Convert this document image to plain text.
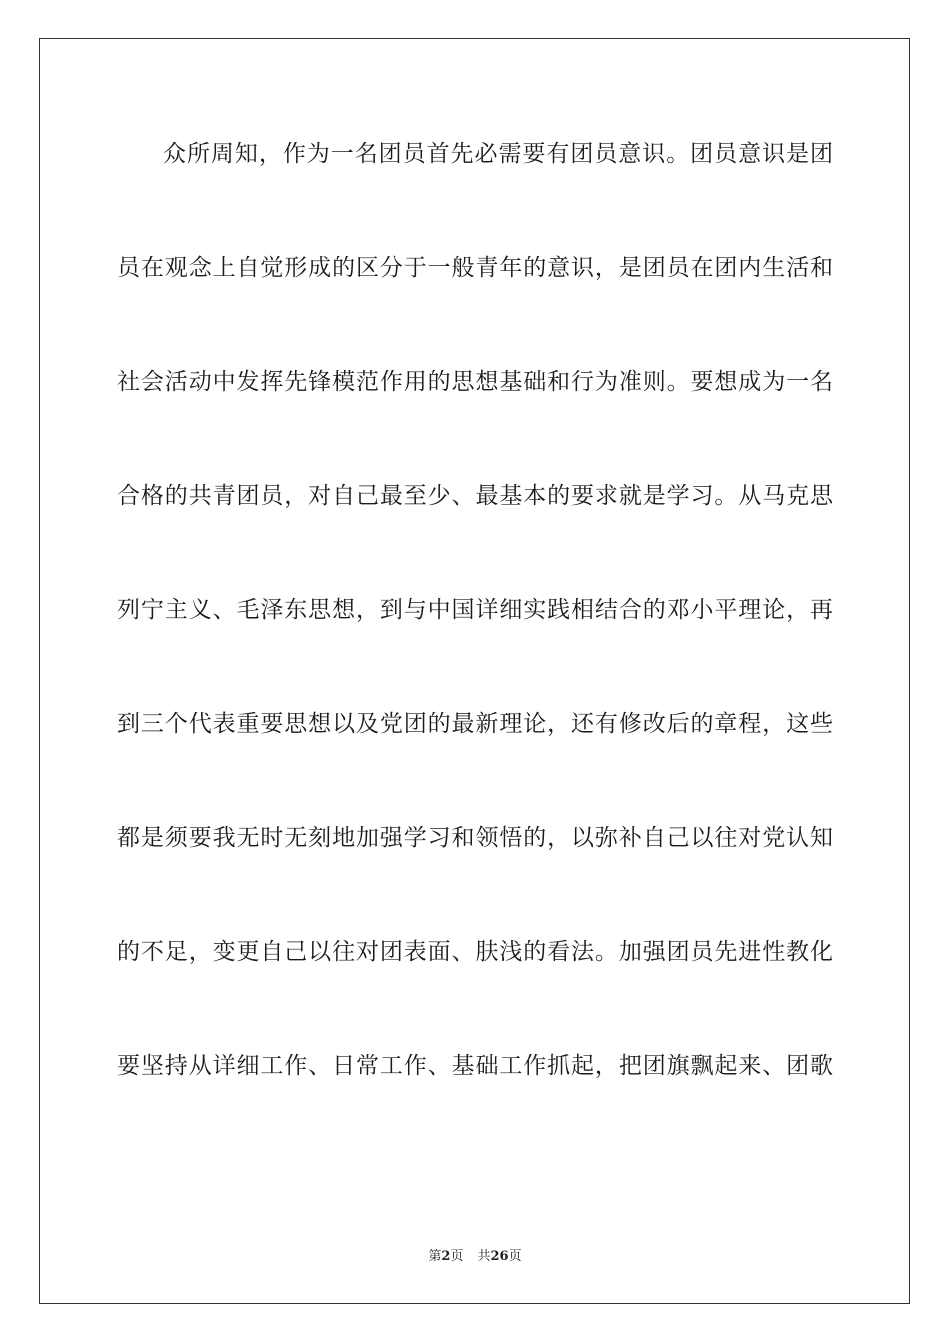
众所周知，作为一名团员首先必需要有团员意识。团员意识是团
员在观念上自觉形成的区分于一般青年的意识，是团员在团内生活和
社会活动中发挥先锋模范作用的思想基础和行为准则。要想成为一名
合格的共青团员，对自己最至少、最基本的要求就是学习。从马克思
列宁主义、毛泽东思想，到与中国详细实践相结合的邓小平理论，再
到三个代表重要思想以及党团的最新理论，还有修改后的章程，这些
都是须要我无时无刻地加强学习和领悟的，以弥补自己以往对党认知
的不足，变更自己以往对团表面、肤浅的看法。加强团员先进性教化
要坚持从详细工作、日常工作、基础工作抓起，把团旗飘起来、团歌
第2页 共26页
